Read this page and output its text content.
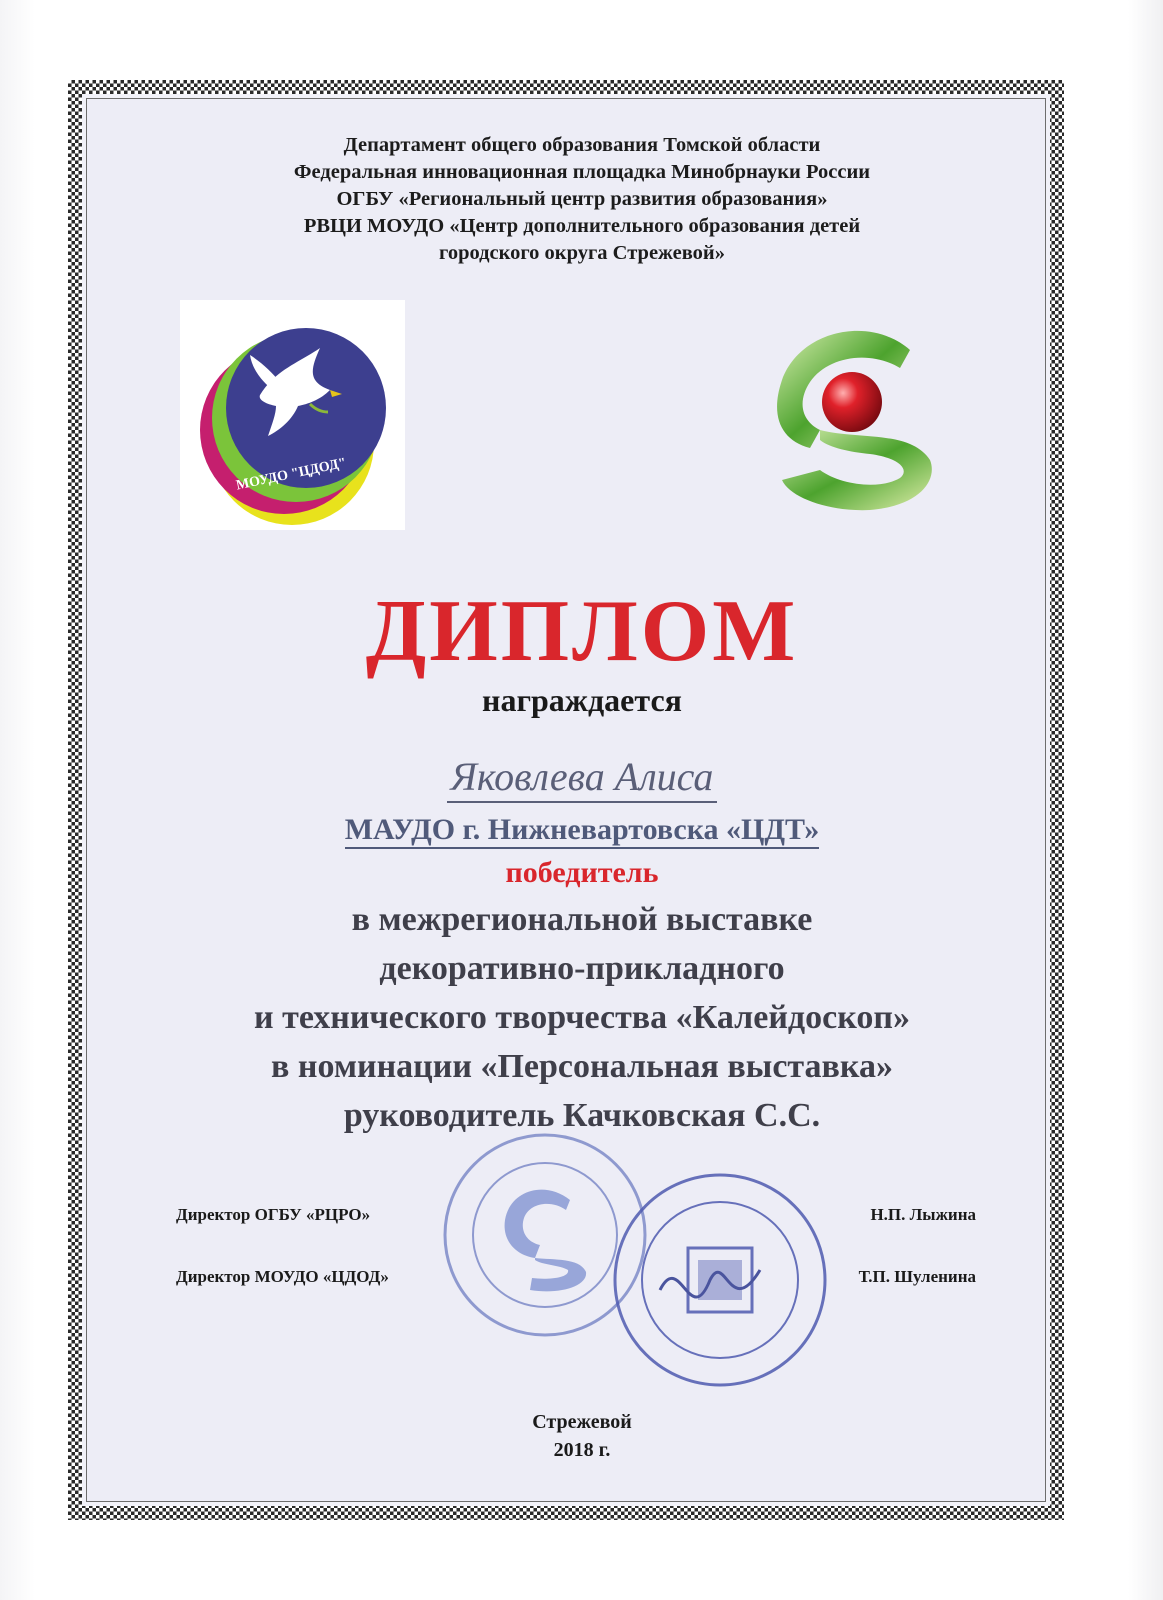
Департамент общего образования Томской области
Федеральная инновационная площадка Минобрнауки России
ОГБУ «Региональный центр развития образования»
РВЦИ МОУДО «Центр дополнительного образования детей
городского округа Стрежевой»
МОУДО "ЦДОД"
ДИПЛОМ
награждается
Яковлева Алиса
МАУДО г. Нижневартовска «ЦДТ»
победитель
в межрегиональной выставке
декоративно-прикладного
и технического творчества «Калейдоскоп»
в номинации «Персональная выставка»
руководитель Качковская С.С.
Директор ОГБУ «РЦРО»	Н.П. Лыжина
Директор МОУДО «ЦДОД»	Т.П. Шуленина
Стрежевой
2018 г.
